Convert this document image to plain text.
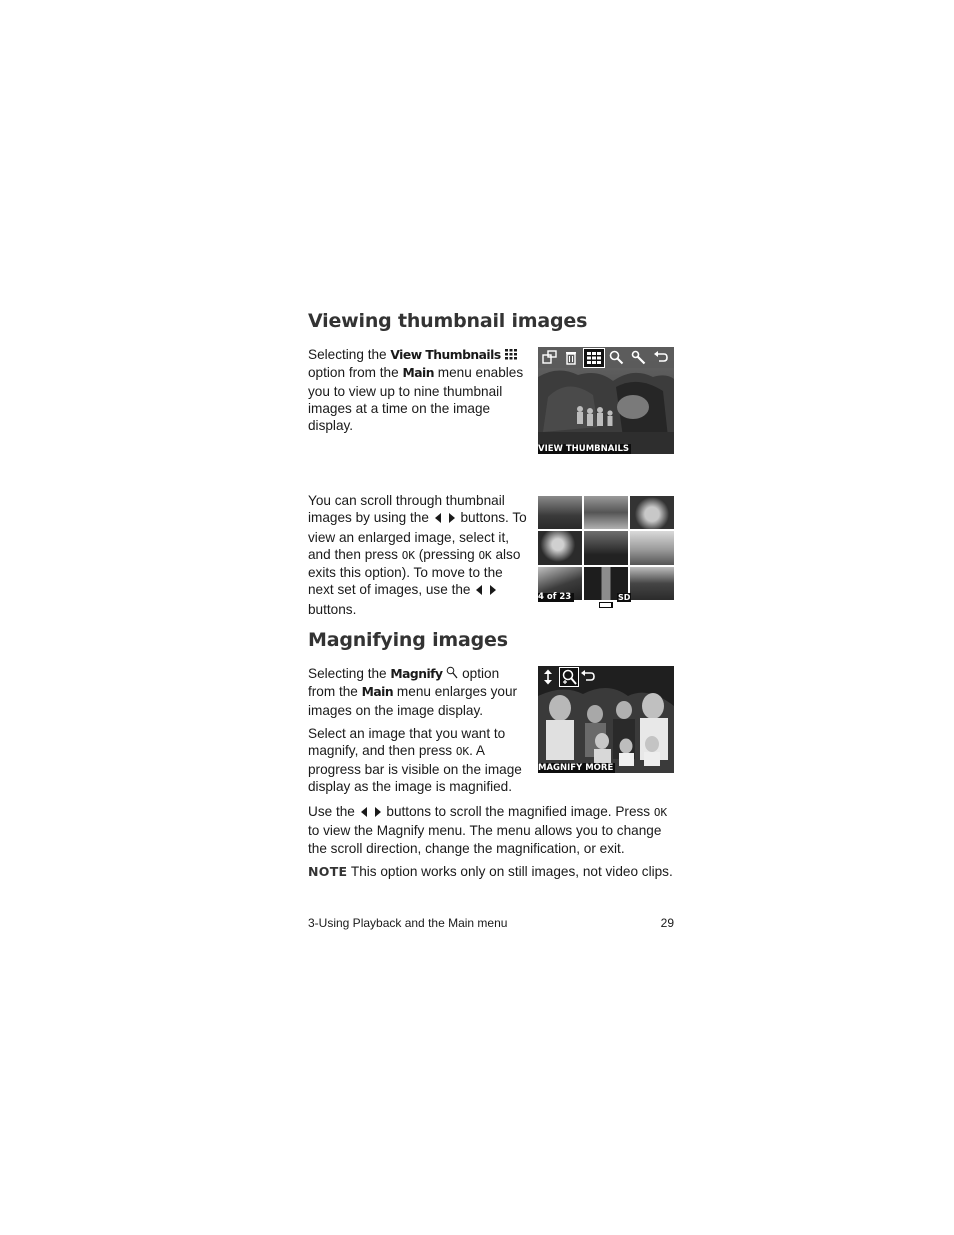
Viewing thumbnail images

Selecting the View Thumbnails  option from the Main menu enables you to view up to nine thumbnail images at a time on the image display.

VIEW THUMBNAILS

You can scroll through thumbnail images by using the  buttons. To view an enlarged image, select it, and then press OK (pressing OK also exits this option). To move to the next set of images, use the  buttons.

4 of 23	SD
Magnifying images

Selecting the Magnify  option from the Main menu enlarges your images on the image display.

Select an image that you want to magnify, and then press OK. A progress bar is visible on the image display as the image is magnified.

MAGNIFY MORE

Use the  buttons to scroll the magnified image. Press OK to view the Magnify menu. The menu allows you to change the scroll direction, change the magnification, or exit.

NOTE This option works only on still images, not video clips.

3-Using Playback and the Main menu	29
